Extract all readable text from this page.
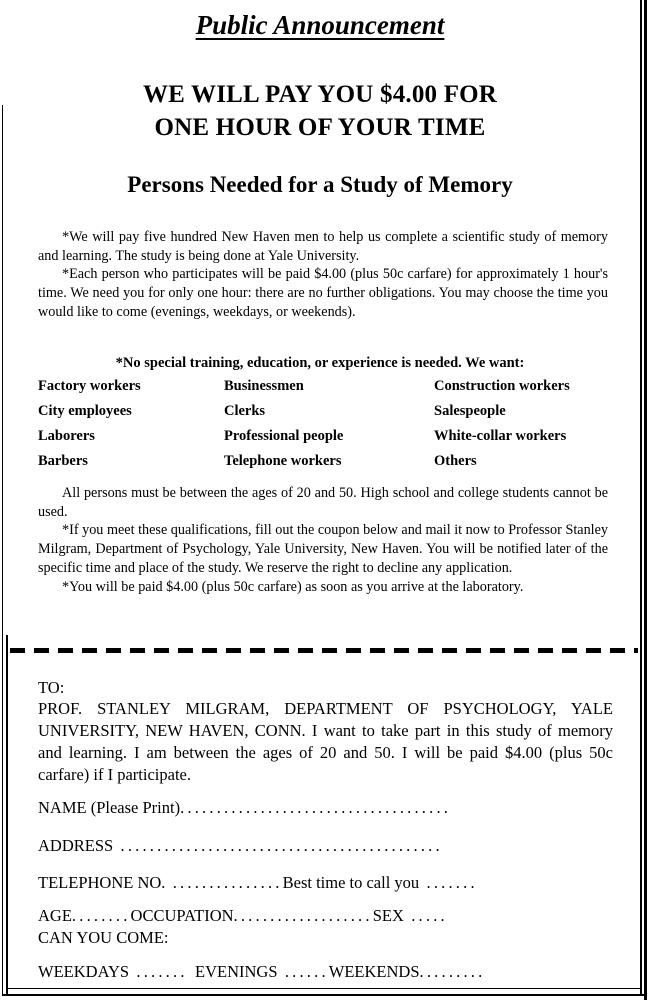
Public Announcement
WE WILL PAY YOU $4.00 FOR
ONE HOUR OF YOUR TIME
Persons Needed for a Study of Memory

*We will pay five hundred New Haven men to help us complete a scientific study of memory and learning. The study is being done at Yale University.

*Each person who participates will be paid $4.00 (plus 50c carfare) for approximately 1 hour's time. We need you for only one hour: there are no further obligations. You may choose the time you would like to come (evenings, weekdays, or weekends).

*No special training, education, or experience is needed. We want:
Factory workers	Businessmen	Construction workers
City employees	Clerks	Salespeople
Laborers	Professional people	White-collar workers
Barbers	Telephone workers	Others

All persons must be between the ages of 20 and 50. High school and college students cannot be used.

*If you meet these qualifications, fill out the coupon below and mail it now to Professor Stanley Milgram, Department of Psychology, Yale University, New Haven. You will be notified later of the specific time and place of the study. We reserve the right to decline any application.

*You will be paid $4.00 (plus 50c carfare) as soon as you arrive at the laboratory.

TO:

PROF. STANLEY MILGRAM, DEPARTMENT OF PSYCHOLOGY, YALE UNIVERSITY, NEW HAVEN, CONN. I want to take part in this study of memory and learning. I am between the ages of 20 and 50. I will be paid $4.00 (plus 50c carfare) if I participate.

NAME (Please Print).....................................
ADDRESS ............................................
TELEPHONE NO. ...............Best time to call you .......
AGE........OCCUPATION...................SEX .....
CAN YOU COME:
WEEKDAYS ....... EVENINGS ......WEEKENDS.........
